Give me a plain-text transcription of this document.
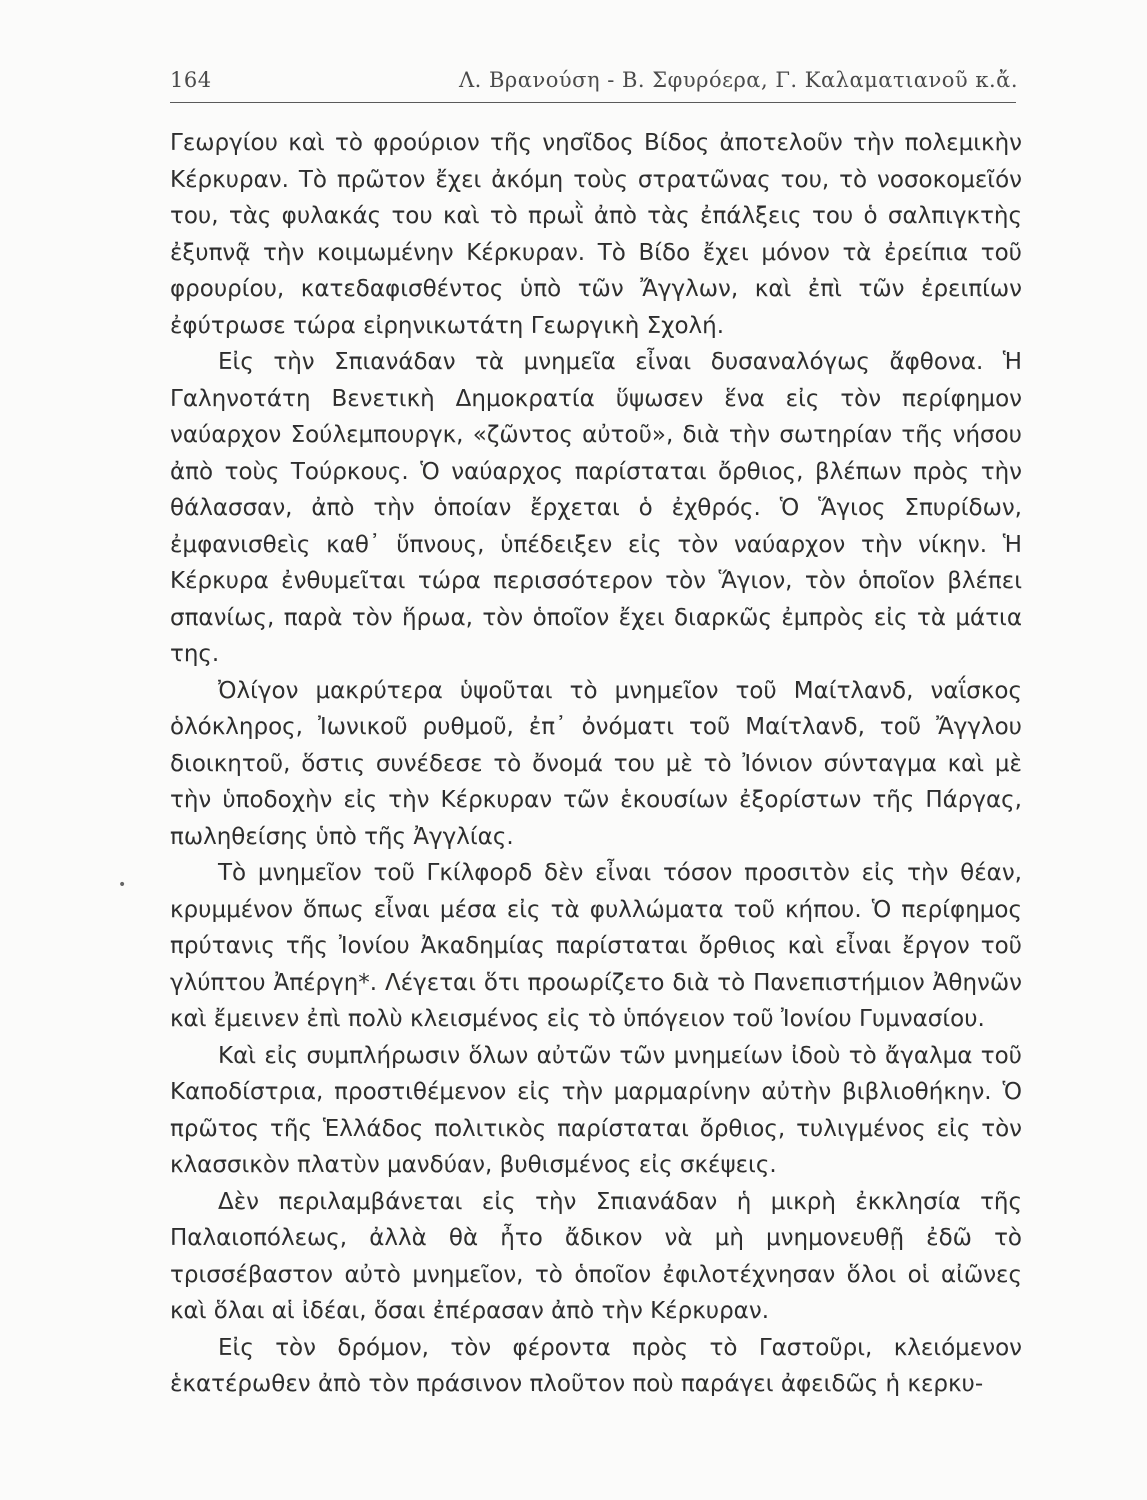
164	Λ. Βρανούση - Β. Σφυρόερα, Γ. Καλαματιανοῦ κ.ἄ.
•

Γεωργίου καὶ τὸ φρούριον τῆς νησῖδος Βίδος ἀποτελοῦν τὴν πολεμικὴν Κέρκυραν. Τὸ πρῶτον ἔχει ἀκόμη τοὺς στρατῶνας του, τὸ νοσοκομεῖόν του, τὰς φυλακάς του καὶ τὸ πρωῒ ἀπὸ τὰς ἐπάλξεις του ὁ σαλπιγκτὴς ἐξυπνᾷ τὴν κοιμωμένην Κέρκυραν. Τὸ Βίδο ἔχει μόνον τὰ ἐρείπια τοῦ φρουρίου, κατεδαφισθέντος ὑπὸ τῶν Ἄγγλων, καὶ ἐπὶ τῶν ἐρειπίων ἐφύτρωσε τώρα εἰρηνικωτάτη Γεωργικὴ Σχολή.

Εἰς τὴν Σπιανάδαν τὰ μνημεῖα εἶναι δυσαναλόγως ἄφθονα. Ἡ Γαληνοτάτη Βενετικὴ Δημοκρατία ὕψωσεν ἕνα εἰς τὸν περίφημον ναύαρχον Σούλεμπουργκ, «ζῶντος αὐτοῦ», διὰ τὴν σωτηρίαν τῆς νήσου ἀπὸ τοὺς Τούρκους. Ὁ ναύαρχος παρίσταται ὄρθιος, βλέπων πρὸς τὴν θάλασσαν, ἀπὸ τὴν ὁποίαν ἔρχεται ὁ ἐχθρός. Ὁ Ἅγιος Σπυρίδων, ἐμφανισθεὶς καθ᾽ ὕπνους, ὑπέδειξεν εἰς τὸν ναύαρχον τὴν νίκην. Ἡ Κέρκυρα ἐνθυμεῖται τώρα περισσότερον τὸν Ἅγιον, τὸν ὁποῖον βλέπει σπανίως, παρὰ τὸν ἥρωα, τὸν ὁποῖον ἔχει διαρκῶς ἐμπρὸς εἰς τὰ μάτια της.

Ὀλίγον μακρύτερα ὑψοῦται τὸ μνημεῖον τοῦ Μαίτλανδ, ναΐσκος ὁλόκληρος, Ἰωνικοῦ ρυθμοῦ, ἐπ᾽ ὀνόματι τοῦ Μαίτλανδ, τοῦ Ἄγγλου διοικητοῦ, ὅστις συνέδεσε τὸ ὄνομά του μὲ τὸ Ἰόνιον σύνταγμα καὶ μὲ τὴν ὑποδοχὴν εἰς τὴν Κέρκυραν τῶν ἑκουσίων ἐξορίστων τῆς Πάργας, πωληθείσης ὑπὸ τῆς Ἀγγλίας.

Τὸ μνημεῖον τοῦ Γκίλφορδ δὲν εἶναι τόσον προσιτὸν εἰς τὴν θέαν, κρυμμένον ὅπως εἶναι μέσα εἰς τὰ φυλλώματα τοῦ κήπου. Ὁ περίφημος πρύτανις τῆς Ἰονίου Ἀκαδημίας παρίσταται ὄρθιος καὶ εἶναι ἔργον τοῦ γλύπτου Ἀπέργη*. Λέγεται ὅτι προωρίζετο διὰ τὸ Πανεπιστήμιον Ἀθηνῶν καὶ ἔμεινεν ἐπὶ πολὺ κλεισμένος εἰς τὸ ὑπόγειον τοῦ Ἰονίου Γυμνασίου.

Καὶ εἰς συμπλήρωσιν ὅλων αὐτῶν τῶν μνημείων ἰδοὺ τὸ ἄγαλμα τοῦ Καποδίστρια, προστιθέμενον εἰς τὴν μαρμαρίνην αὐτὴν βιβλιοθήκην. Ὁ πρῶτος τῆς Ἑλλάδος πολιτικὸς παρίσταται ὄρθιος, τυλιγμένος εἰς τὸν κλασσικὸν πλατὺν μανδύαν, βυθισμένος εἰς σκέψεις.

Δὲν περιλαμβάνεται εἰς τὴν Σπιανάδαν ἡ μικρὴ ἐκκλησία τῆς Παλαιοπόλεως, ἀλλὰ θὰ ἦτο ἄδικον νὰ μὴ μνημονευθῇ ἐδῶ τὸ τρισσέβαστον αὐτὸ μνημεῖον, τὸ ὁποῖον ἐφιλοτέχνησαν ὅλοι οἱ αἰῶνες καὶ ὅλαι αἱ ἰδέαι, ὅσαι ἐπέρασαν ἀπὸ τὴν Κέρκυραν.

Εἰς τὸν δρόμον, τὸν φέροντα πρὸς τὸ Γαστοῦρι, κλειόμενον ἑκατέρωθεν ἀπὸ τὸν πράσινον πλοῦτον ποὺ παράγει ἀφειδῶς ἡ κερκυ-
